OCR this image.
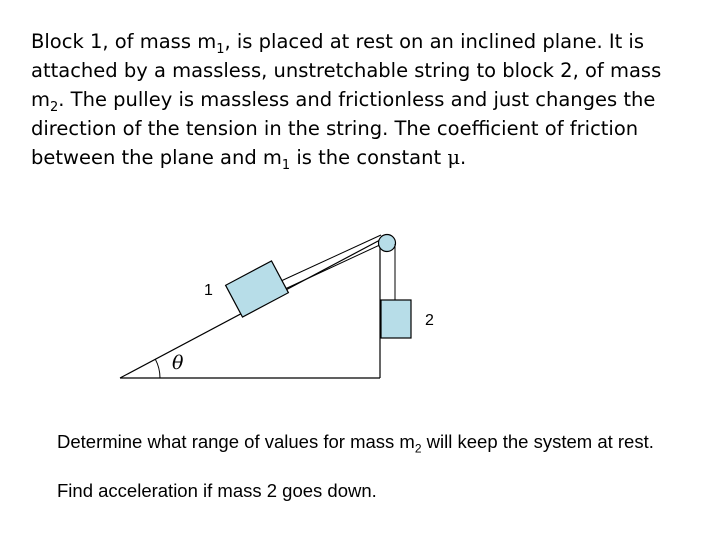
Block 1, of mass $m_1$, is placed at rest on an inclined plane. It is
attached by a massless, unstretchable string to block 2, of mass
$m_2$. The pulley is massless and frictionless and just changes the
direction of the tension in the string. The coefficient of friction
between the plane and $m_1$ is the constant μ.
θ
1
2
Determine what range of values for mass $m_2$ will keep the system at rest.
Find acceleration if mass 2 goes down.
